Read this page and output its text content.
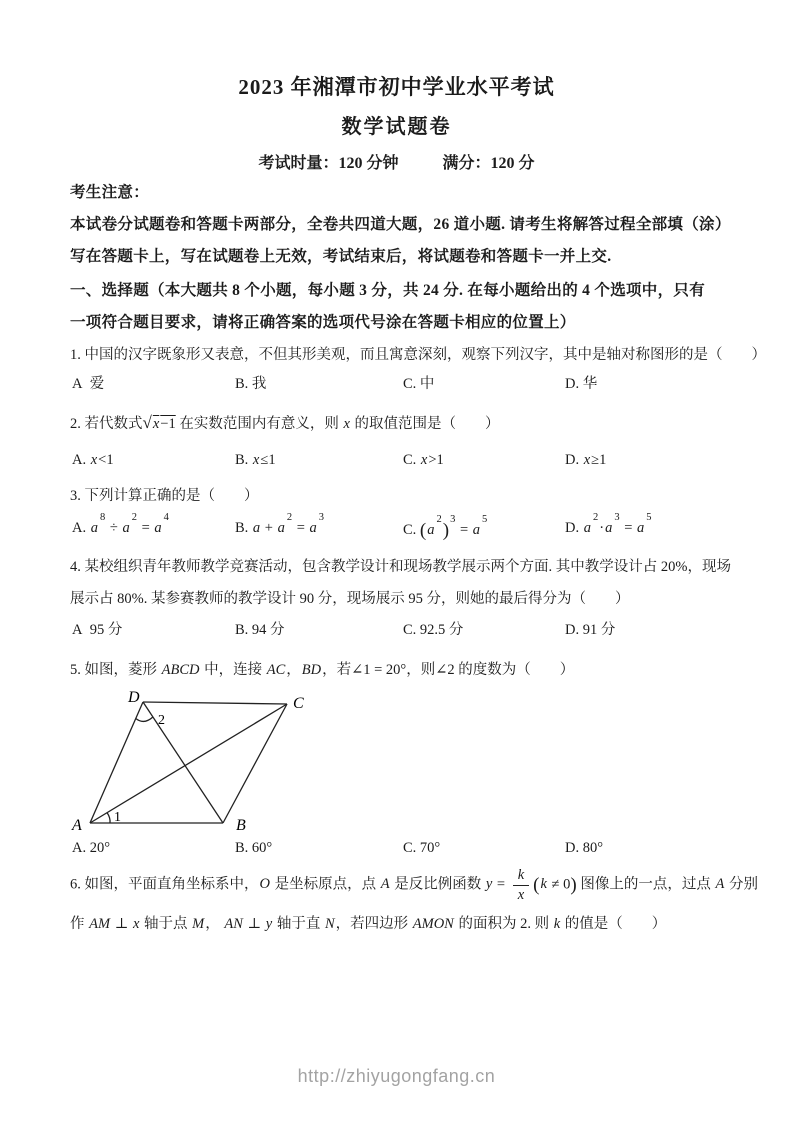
2023 年湘潭市初中学业水平考试
数学试题卷
考试时量：120 分钟	满分：120 分
考生注意：
本试卷分试题卷和答题卡两部分，全卷共四道大题，26 道小题. 请考生将解答过程全部填（涂）
写在答题卡上，写在试题卷上无效，考试结束后，将试题卷和答题卡一并上交.
一、选择题（本大题共 8 个小题，每小题 3 分，共 24 分. 在每小题给出的 4 个选项中，只有
一项符合题目要求，请将正确答案的选项代号涂在答题卡相应的位置上）
1. 中国的汉字既象形又表意，不但其形美观，而且寓意深刻，观察下列汉字，其中是轴对称图形的是（　　）
A  爱	B. 我	C. 中	D. 华
2. 若代数式√x−1 在实数范围内有意义，则 x 的取值范围是（　　）
A. x<1	B. x≤1	C. x>1	D. x≥1
3. 下列计算正确的是（　　）
A. $a^8 \div a^2 = a^4$
B. $a + a^2 = a^3$
C. $(a^2)^3 = a^5$
D. $a^2\cdot a^3 = a^5$
4. 某校组织青年教师教学竞赛活动，包含教学设计和现场教学展示两个方面. 其中教学设计占 20%，现场
展示占 80%. 某参赛教师的教学设计 90 分，现场展示 95 分，则她的最后得分为（　　）
A  95 分	B. 94 分	C. 92.5 分	D. 91 分
5. 如图，菱形 ABCD 中，连接 AC，BD，若∠1 = 20°，则∠2 的度数为（　　）
D	C
A	B
2
1
A. 20°	B. 60°	C. 70°	D. 80°
6. 如图，平面直角坐标系中，O 是坐标原点，点 A 是反比例函数 $y = \frac{k}{x} (k \ne 0)$ 图像上的一点，过点 A 分别
作 AM ⊥ x 轴于点 M， AN ⊥ y 轴于直 N，若四边形 AMON 的面积为 2. 则 k 的值是（　　）
http://zhiyugongfang.cn
